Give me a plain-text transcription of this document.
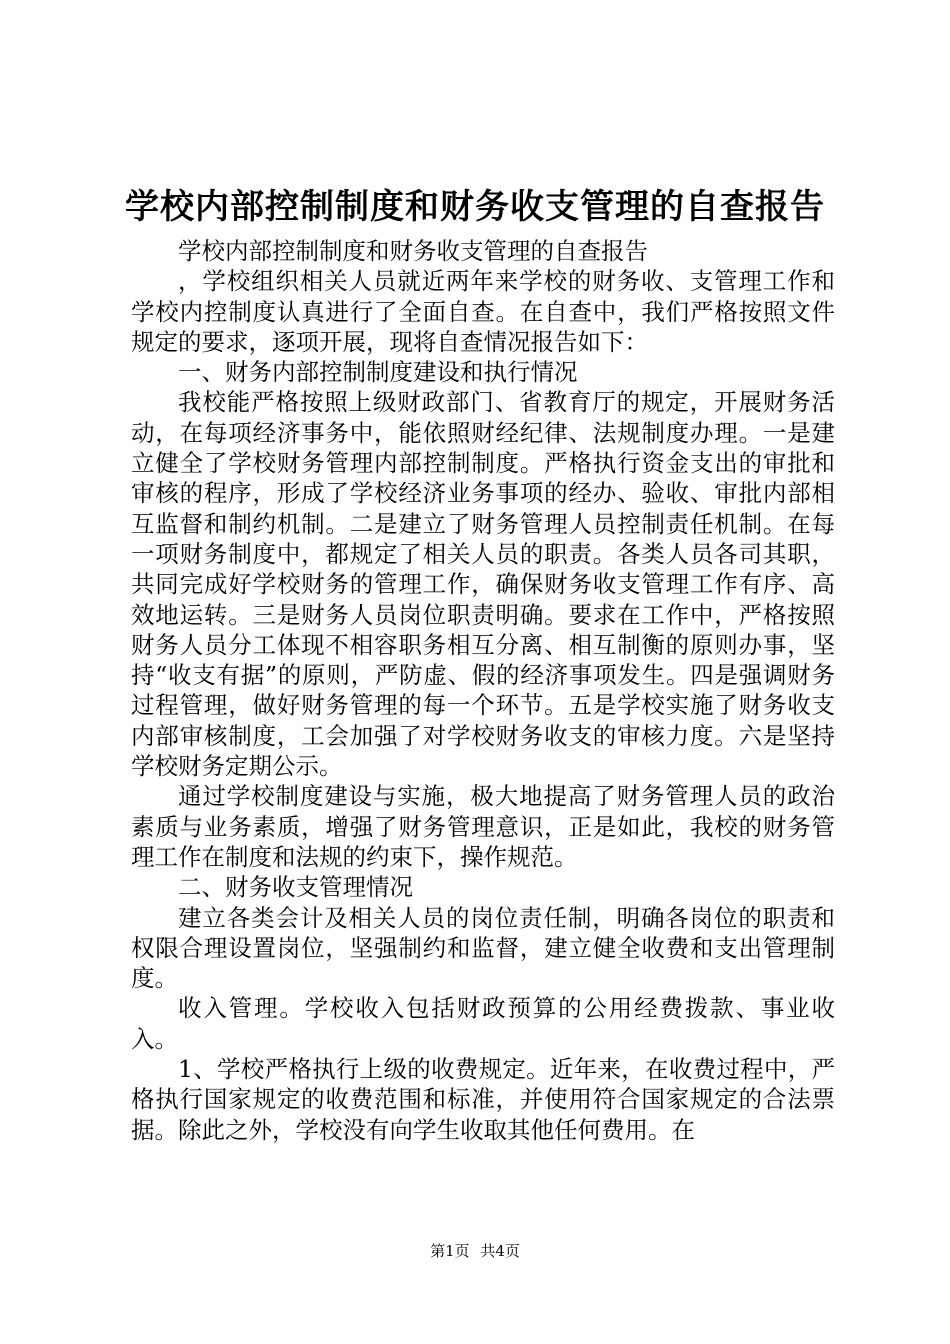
学校内部控制制度和财务收支管理的自查报告

学校内部控制制度和财务收支管理的自查报告

，学校组织相关人员就近两年来学校的财务收、支管理工作和学校内控制度认真进行了全面自查。在自查中，我们严格按照文件规定的要求，逐项开展，现将自查情况报告如下：

一、财务内部控制制度建设和执行情况

我校能严格按照上级财政部门、省教育厅的规定，开展财务活动，在每项经济事务中，能依照财经纪律、法规制度办理。一是建立健全了学校财务管理内部控制制度。严格执行资金支出的审批和审核的程序，形成了学校经济业务事项的经办、验收、审批内部相互监督和制约机制。二是建立了财务管理人员控制责任机制。在每一项财务制度中，都规定了相关人员的职责。各类人员各司其职，共同完成好学校财务的管理工作，确保财务收支管理工作有序、高效地运转。三是财务人员岗位职责明确。要求在工作中，严格按照财务人员分工体现不相容职务相互分离、相互制衡的原则办事，坚持“收支有据”的原则，严防虚、假的经济事项发生。四是强调财务过程管理，做好财务管理的每一个环节。五是学校实施了财务收支内部审核制度，工会加强了对学校财务收支的审核力度。六是坚持学校财务定期公示。

通过学校制度建设与实施，极大地提高了财务管理人员的政治素质与业务素质，增强了财务管理意识，正是如此，我校的财务管理工作在制度和法规的约束下，操作规范。

二、财务收支管理情况

建立各类会计及相关人员的岗位责任制，明确各岗位的职责和权限合理设置岗位，坚强制约和监督，建立健全收费和支出管理制度。

收入管理。学校收入包括财政预算的公用经费拨款、事业收入。

1、学校严格执行上级的收费规定。近年来，在收费过程中，严格执行国家规定的收费范围和标准，并使用符合国家规定的合法票据。除此之外，学校没有向学生收取其他任何费用。在

第1页 共4页
